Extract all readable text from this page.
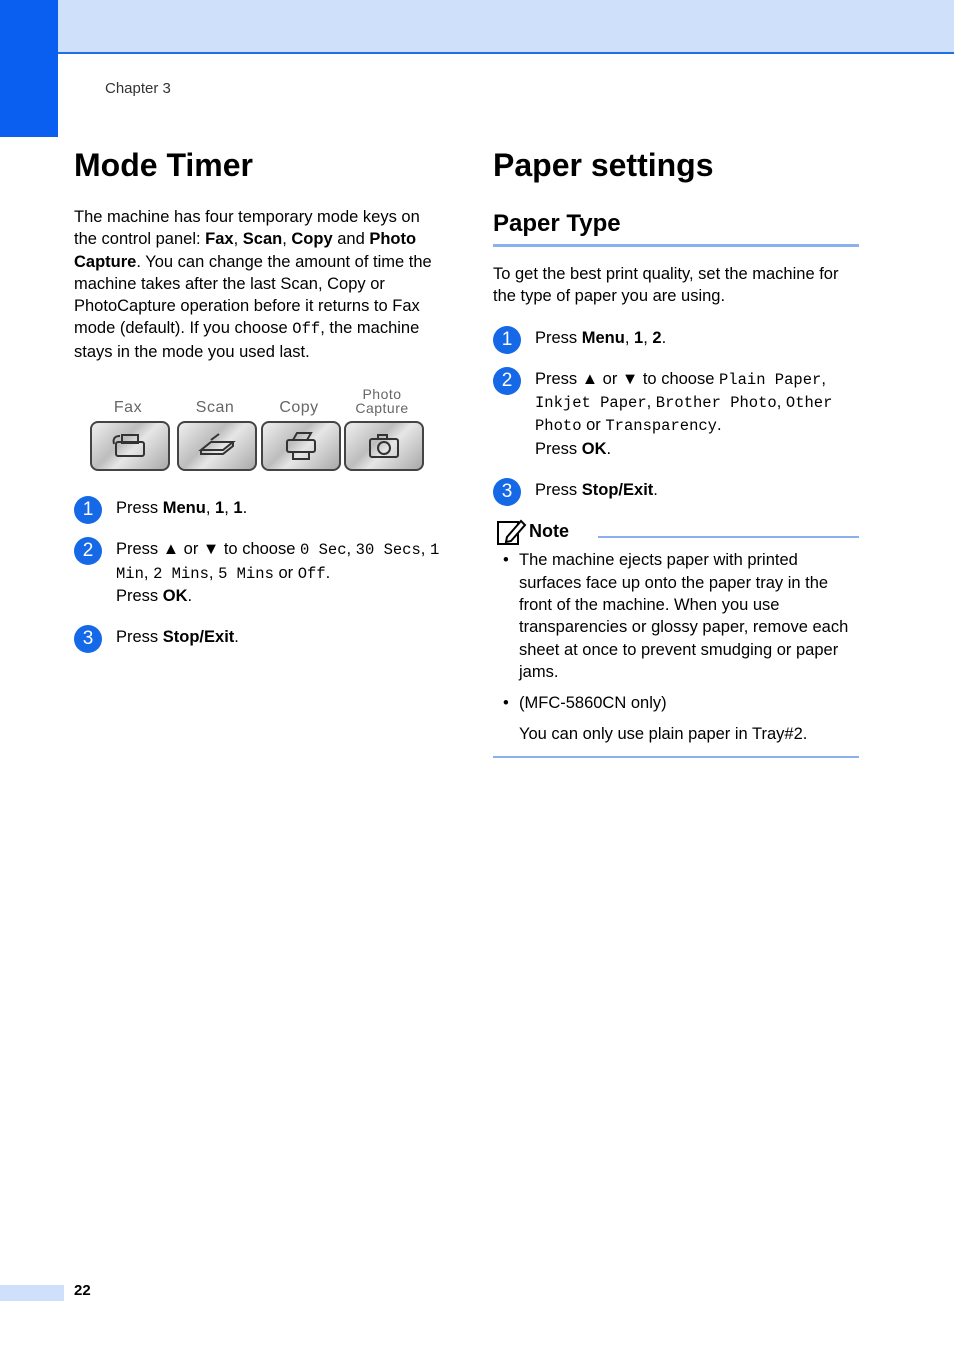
Chapter 3
Mode Timer
The machine has four temporary mode keys on the control panel: Fax, Scan, Copy and Photo Capture. You can change the amount of time the machine takes after the last Scan, Copy or PhotoCapture operation before it returns to Fax mode (default). If you choose Off, the machine stays in the mode you used last.
Fax	Scan	Copy
Photo Capture
1	Press Menu, 1, 1.
2	Press ▲ or ▼ to choose 0 Sec, 30 Secs, 1 Min, 2 Mins, 5 Mins or Off.
Press OK.
3	Press Stop/Exit.
Paper settings
Paper Type
To get the best print quality, set the machine for the type of paper you are using.
1	Press Menu, 1, 2.
2	Press ▲ or ▼ to choose Plain Paper, Inkjet Paper, Brother Photo, Other Photo or Transparency.
Press OK.
3	Press Stop/Exit.
Note
• The machine ejects paper with printed surfaces face up onto the paper tray in the front of the machine. When you use transparencies or glossy paper, remove each sheet at once to prevent smudging or paper jams.
• (MFC-5860CN only)
You can only use plain paper in Tray#2.
22
